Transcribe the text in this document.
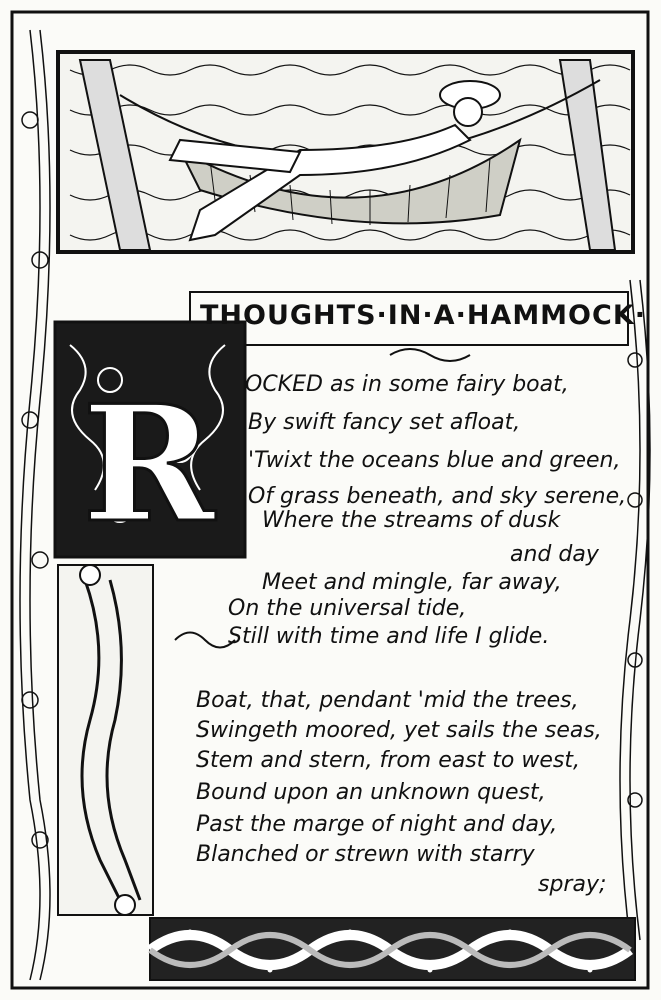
R
THOUGHTS·IN·A·HAMMOCK·
OCKED as in some fairy boat,
By swift fancy set afloat,
'Twixt the oceans blue and green,
Of grass beneath, and sky serene,
Where the streams of dusk
and day
Meet and mingle, far away,
On the universal tide,
Still with time and life I glide.
Boat, that, pendant 'mid the trees,
Swingeth moored, yet sails the seas,
Stem and stern, from east to west,
Bound upon an unknown quest,
Past the marge of night and day,
Blanched or strewn with starry
spray;
